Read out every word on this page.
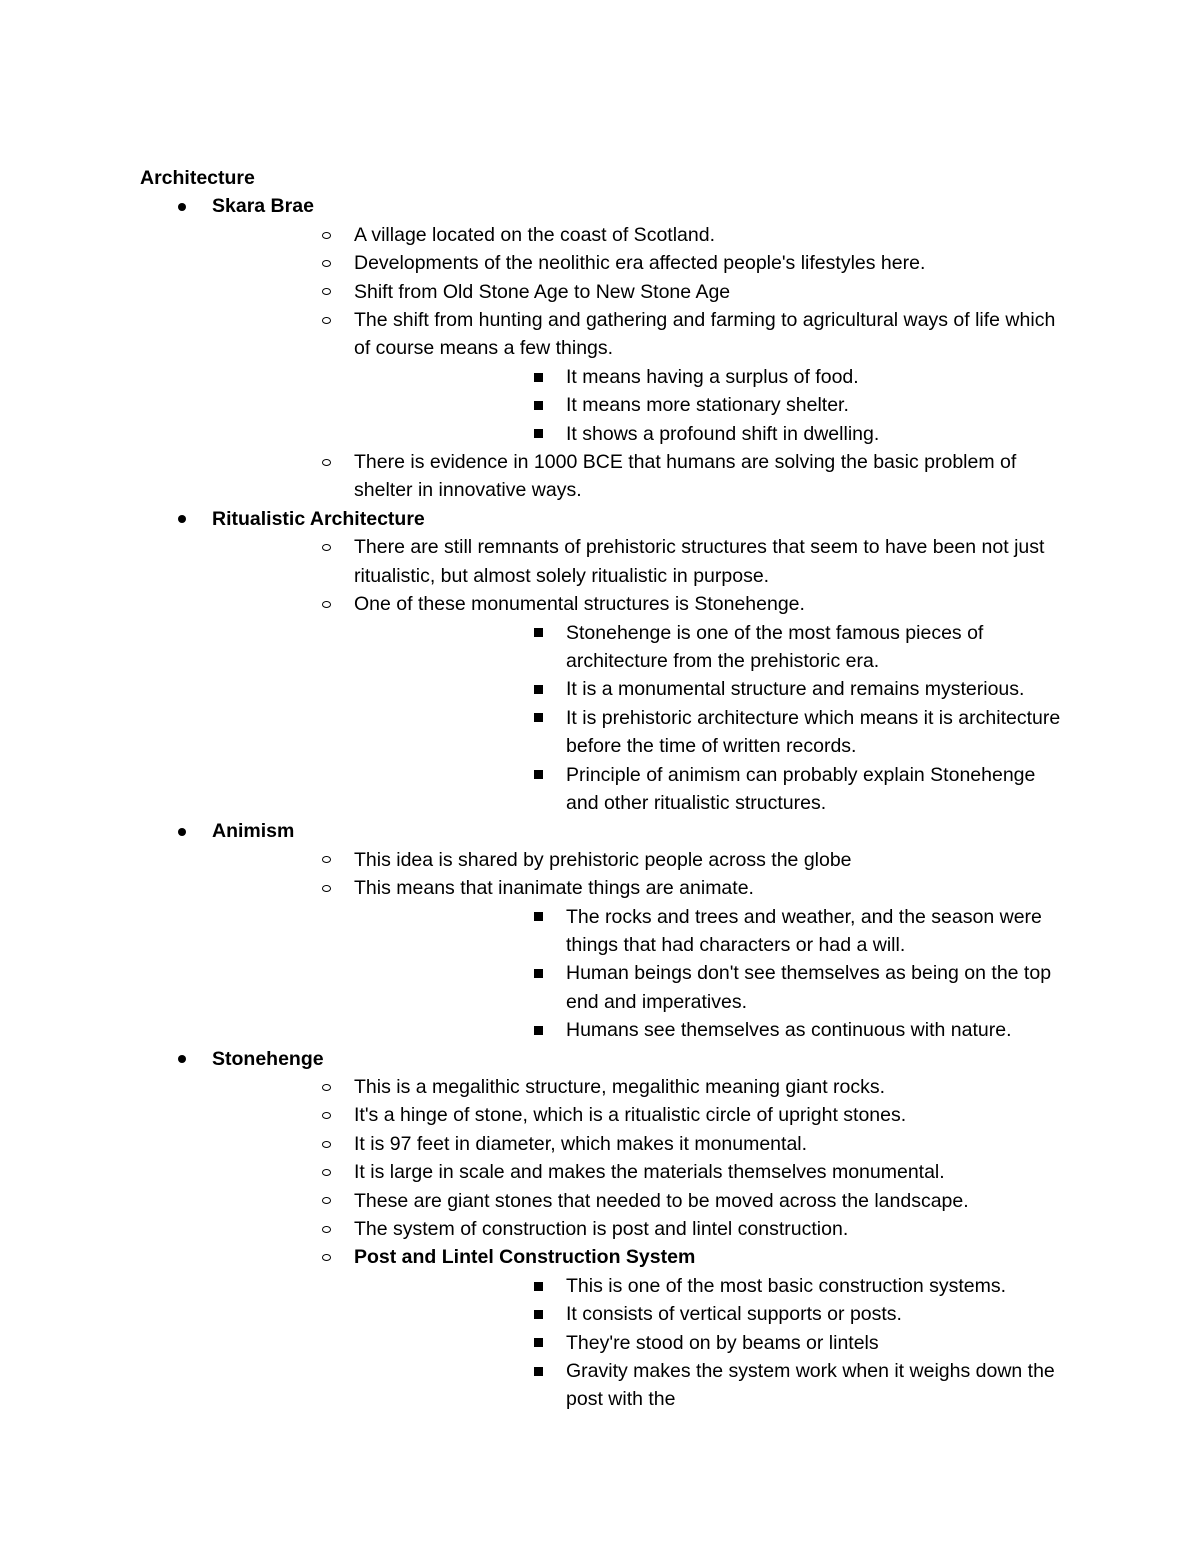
Architecture
Skara Brae
A village located on the coast of Scotland.
Developments of the neolithic era affected people's lifestyles here.
Shift from Old Stone Age to New Stone Age
The shift from hunting and gathering and farming to agricultural ways of life which of course means a few things.
It means having a surplus of food.
It means more stationary shelter.
It shows a profound shift in dwelling.
There is evidence in 1000 BCE that humans are solving the basic problem of shelter in innovative ways.
Ritualistic Architecture
There are still remnants of prehistoric structures that seem to have been not just ritualistic, but almost solely ritualistic in purpose.
One of these monumental structures is Stonehenge.
Stonehenge is one of the most famous pieces of architecture from the prehistoric era.
It is a monumental structure and remains mysterious.
It is prehistoric architecture which means it is architecture before the time of written records.
Principle of animism can probably explain Stonehenge and other ritualistic structures.
Animism
This idea is shared by prehistoric people across the globe
This means that inanimate things are animate.
The rocks and trees and weather, and the season were things that had characters or had a will.
Human beings don't see themselves as being on the top end and imperatives.
Humans see themselves as continuous with nature.
Stonehenge
This is a megalithic structure, megalithic meaning giant rocks.
It's a hinge of stone, which is a ritualistic circle of upright stones.
It is 97 feet in diameter, which makes it monumental.
It is large in scale and makes the materials themselves monumental.
These are giant stones that needed to be moved across the landscape.
The system of construction is post and lintel construction.
Post and Lintel Construction System
This is one of the most basic construction systems.
It consists of vertical supports or posts.
They're stood on by beams or lintels
Gravity makes the system work when it weighs down the post with the
